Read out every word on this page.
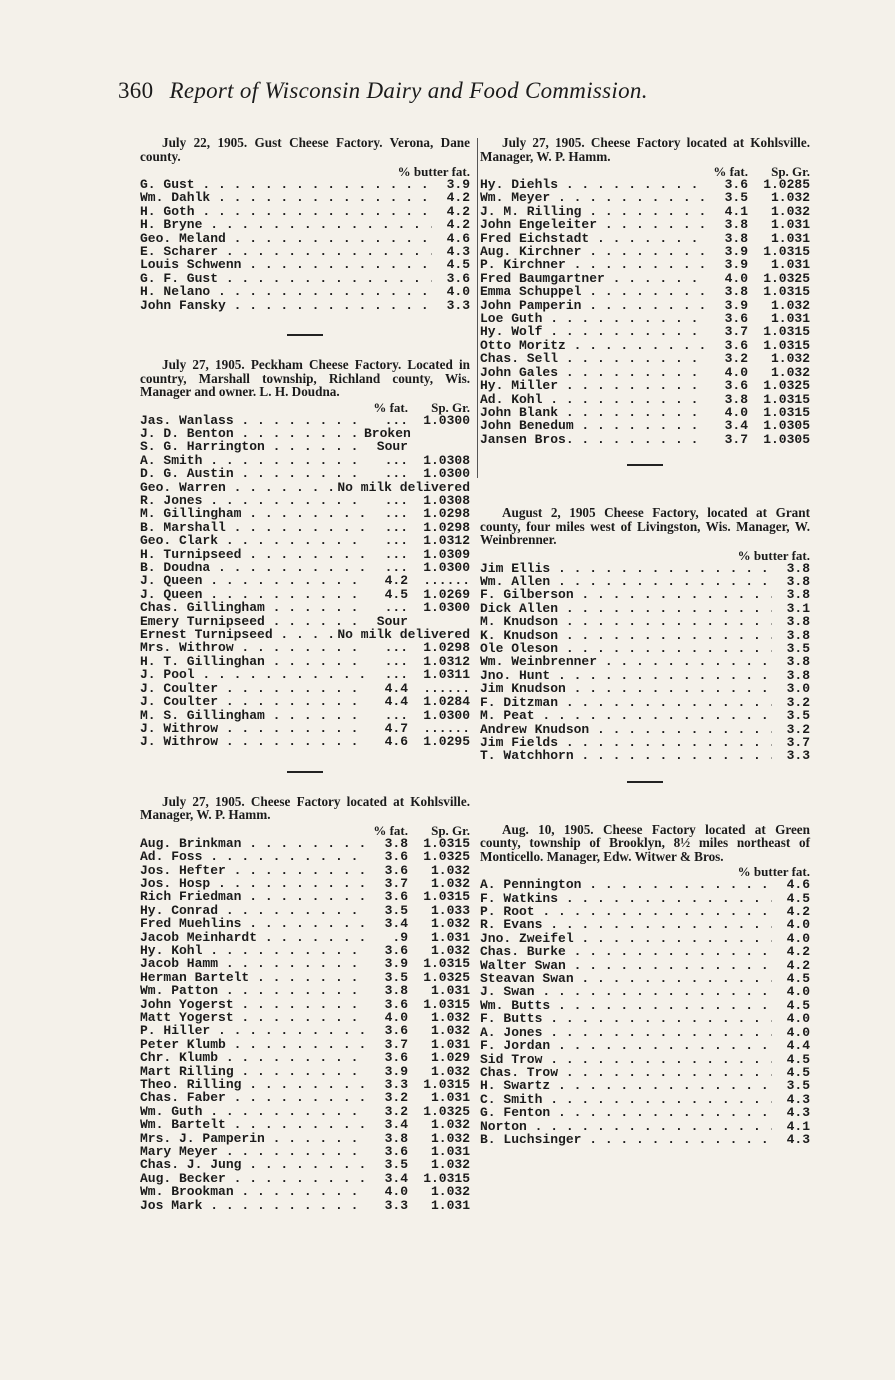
360 Report of Wisconsin Dairy and Food Commission.

July 22, 1905. Gust Cheese Factory. Verona, Dane county.

% butter fat.
G. Gust . . .	3.9
Wm. Dahlk . . .	4.2
H. Goth . . .	4.2
H. Bryne . . .	4.2
Geo. Meland . . .	4.6
E. Scharer . . .	4.3
Louis Schwenn . . .	4.5
G. F. Gust . . .	3.6
H. Nelano . . .	4.0
John Fansky . . .	3.3

July 27, 1905. Peckham Cheese Factory. Located in country, Marshall township, Richland county, Wis. Manager and owner. L. H. Doudna.

% fat.	Sp. Gr.
Jas. Wanlass . . .	...	1.0300
J. D. Benton . . .	Broken
S. G. Harrington . . .	Sour
A. Smith . . .	...	1.0308
D. G. Austin . . .	...	1.0300
Geo. Warren . . .	No milk delivered
R. Jones . . .	...	1.0308
M. Gillingham . . .	...	1.0298
B. Marshall . . .	...	1.0298
Geo. Clark . . .	...	1.0312
H. Turnipseed . . .	...	1.0309
B. Doudna . . .	...	1.0300
J. Queen . . .	4.2	......
J. Queen . . .	4.5	1.0269
Chas. Gillingham . . .	...	1.0300
Emery Turnipseed . . .	Sour
Ernest Turnipseed . . .	No milk delivered
Mrs. Withrow . . .	...	1.0298
H. T. Gillinghan . . .	...	1.0312
J. Pool . . .	...	1.0311
J. Coulter . . .	4.4	......
J. Coulter . . .	4.4	1.0284
M. S. Gillingham . . .	...	1.0300
J. Withrow . . .	4.7	......
J. Withrow . . .	4.6	1.0295

July 27, 1905. Cheese Factory located at Kohlsville. Manager, W. P. Hamm.

% fat.	Sp. Gr.
Aug. Brinkman . . .	3.8	1.0315
Ad. Foss . . .	3.6	1.0325
Jos. Hefter . . .	3.6	1.032
Jos. Hosp . . .	3.7	1.032
Rich Friedman . . .	3.6	1.0315
Hy. Conrad . . .	3.5	1.033
Fred Muehlins . . .	3.4	1.032
Jacob Meinhardt . . .	.9	1.031
Hy. Kohl . . .	3.6	1.032
Jacob Hamm . . .	3.9	1.0315
Herman Bartelt . . .	3.5	1.0325
Wm. Patton . . .	3.8	1.031
John Yogerst . . .	3.6	1.0315
Matt Yogerst . . .	4.0	1.032
P. Hiller . . .	3.6	1.032
Peter Klumb . . .	3.7	1.031
Chr. Klumb . . .	3.6	1.029
Mart Rilling . . .	3.9	1.032
Theo. Rilling . . .	3.3	1.0315
Chas. Faber . . .	3.2	1.031
Wm. Guth . . .	3.2	1.0325
Wm. Bartelt . . .	3.4	1.032
Mrs. J. Pamperin . . .	3.8	1.032
Mary Meyer . . .	3.6	1.031
Chas. J. Jung . . .	3.5	1.032
Aug. Becker . . .	3.4	1.0315
Wm. Brookman . . .	4.0	1.032
Jos Mark . . .	3.3	1.031

July 27, 1905. Cheese Factory located at Kohlsville. Manager, W. P. Hamm.

% fat.	Sp. Gr.
Hy. Diehls . . .	3.6	1.0285
Wm. Meyer . . .	3.5	1.032
J. M. Rilling . . .	4.1	1.032
John Engeleiter . . .	3.8	1.031
Fred Eichstadt . . .	3.8	1.031
Aug. Kirchner . . .	3.9	1.0315
P. Kirchner . . .	3.9	1.031
Fred Baumgartner . . .	4.0	1.0325
Emma Schuppel . . .	3.8	1.0315
John Pamperin . . .	3.9	1.032
Loe Guth . . .	3.6	1.031
Hy. Wolf . . .	3.7	1.0315
Otto Moritz . . .	3.6	1.0315
Chas. Sell . . .	3.2	1.032
John Gales . . .	4.0	1.032
Hy. Miller . . .	3.6	1.0325
Ad. Kohl . . .	3.8	1.0315
John Blank . . .	4.0	1.0315
John Benedum . . .	3.4	1.0305
Jansen Bros. . . .	3.7	1.0305

August 2, 1905 Cheese Factory, located at Grant county, four miles west of Livingston, Wis. Manager, W. Weinbrenner.

% butter fat.
Jim Ellis . . .	3.8
Wm. Allen . . .	3.8
F. Gilberson . . .	3.8
Dick Allen . . .	3.1
M. Knudson . . .	3.8
K. Knudson . . .	3.8
Ole Oleson . . .	3.5
Wm. Weinbrenner . . .	3.8
Jno. Hunt . . .	3.8
Jim Knudson . . .	3.0
F. Ditzman . . .	3.2
M. Peat . . .	3.5
Andrew Knudson . . .	3.2
Jim Fields . . .	3.7
T. Watchhorn . . .	3.3

Aug. 10, 1905. Cheese Factory located at Green county, township of Brooklyn, 8½ miles northeast of Monticello. Manager, Edw. Witwer & Bros.

% butter fat.
A. Pennington . . .	4.6
F. Watkins . . .	4.5
P. Root . . .	4.2
R. Evans . . .	4.0
Jno. Zweifel . . .	4.0
Chas. Burke . . .	4.2
Walter Swan . . .	4.2
Steavan Swan . . .	4.5
J. Swan . . .	4.0
Wm. Butts . . .	4.5
F. Butts . . .	4.0
A. Jones . . .	4.0
F. Jordan . . .	4.4
Sid Trow . . .	4.5
Chas. Trow . . .	4.5
H. Swartz . . .	3.5
C. Smith . . .	4.3
G. Fenton . . .	4.3
Norton . . .	4.1
B. Luchsinger . . .	4.3
